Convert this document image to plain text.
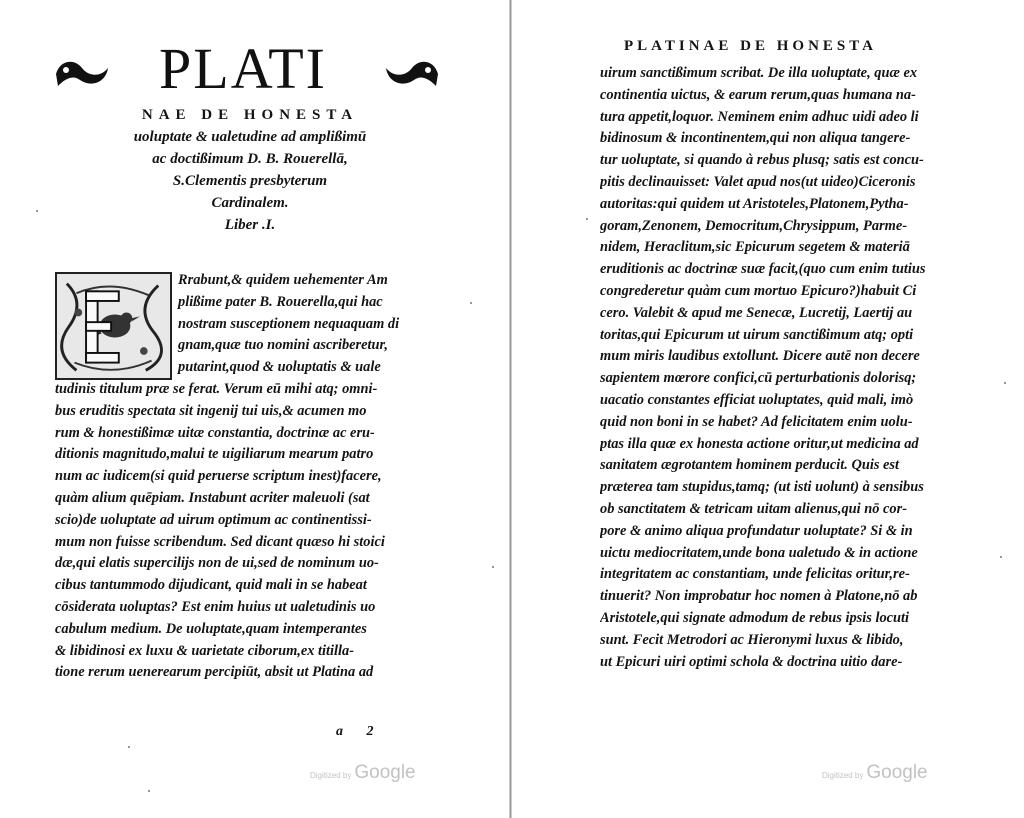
PLATI
NAE DE HONESTA
uoluptate & ualetudine ad amplißimū
ac doctißimum D. B. Rouerellā,
S.Clementis presbyterum
Cardinalem.
Liber .I.
Rrabunt,& quidem uehementer Am
plißime pater B. Rouerella,qui hac
nostram susceptionem nequaquam di
gnam,quæ tuo nomini ascriberetur,
putarint,quod & uoluptatis & uale
tudinis titulum præ se ferat. Verum eū mihi atq; omni-
bus eruditis spectata sit ingenij tui uis,& acumen mo
rum & honestißimæ uitæ constantia, doctrinæ ac eru-
ditionis magnitudo,malui te uigiliarum mearum patro
num ac iudicem(si quid peruerse scriptum inest)facere,
quàm alium quēpiam. Instabunt acriter maleuoli (sat
scio)de uoluptate ad uirum optimum ac continentissi-
mum non fuisse scribendum. Sed dicant quæso hi stoici
dæ,qui elatis supercilijs non de ui,sed de nominum uo-
cibus tantummodo dijudicant, quid mali in se habeat
cōsiderata uoluptas? Est enim huius ut ualetudinis uo
cabulum medium. De uoluptate,quam intemperantes
& libidinosi ex luxu & uarietate ciborum,ex titilla-
tione rerum uenerearum percipiūt, absit ut Platina ad
a 2
Digitized by Google
PLATINAE DE HONESTA
uirum sanctißimum scribat. De illa uoluptate, quæ ex
continentia uictus, & earum rerum,quas humana na-
tura appetit,loquor. Neminem enim adhuc uidi adeo li
bidinosum & incontinentem,qui non aliqua tangere-
tur uoluptate, si quando à rebus plusq; satis est concu-
pitis declinauisset: Valet apud nos(ut uideo)Ciceronis
autoritas:qui quidem ut Aristoteles,Platonem,Pytha-
goram,Zenonem, Democritum,Chrysippum, Parme-
nidem, Heraclitum,sic Epicurum segetem & materiā
eruditionis ac doctrinæ suæ facit,(quo cum enim tutius
congrederetur quàm cum mortuo Epicuro?)habuit Ci
cero. Valebit & apud me Senecæ, Lucretij, Laertij au
toritas,qui Epicurum ut uirum sanctißimum atq; opti
mum miris laudibus extollunt. Dicere autē non decere
sapientem mœrore confici,cū perturbationis dolorisq;
uacatio constantes efficiat uoluptates, quid mali, imò
quid non boni in se habet? Ad felicitatem enim uolu-
ptas illa quæ ex honesta actione oritur,ut medicina ad
sanitatem ægrotantem hominem perducit. Quis est
præterea tam stupidus,tamq; (ut isti uolunt) à sensibus
ob sanctitatem & tetricam uitam alienus,qui nō cor-
pore & animo aliqua profundatur uoluptate? Si & in
uictu mediocritatem,unde bona ualetudo & in actione
integritatem ac constantiam, unde felicitas oritur,re-
tinuerit? Non improbatur hoc nomen à Platone,nō ab
Aristotele,qui signate admodum de rebus ipsis locuti
sunt. Fecit Metrodori ac Hieronymi luxus & libido,
ut Epicuri uiri optimi schola & doctrina uitio dare-
Digitized by Google
